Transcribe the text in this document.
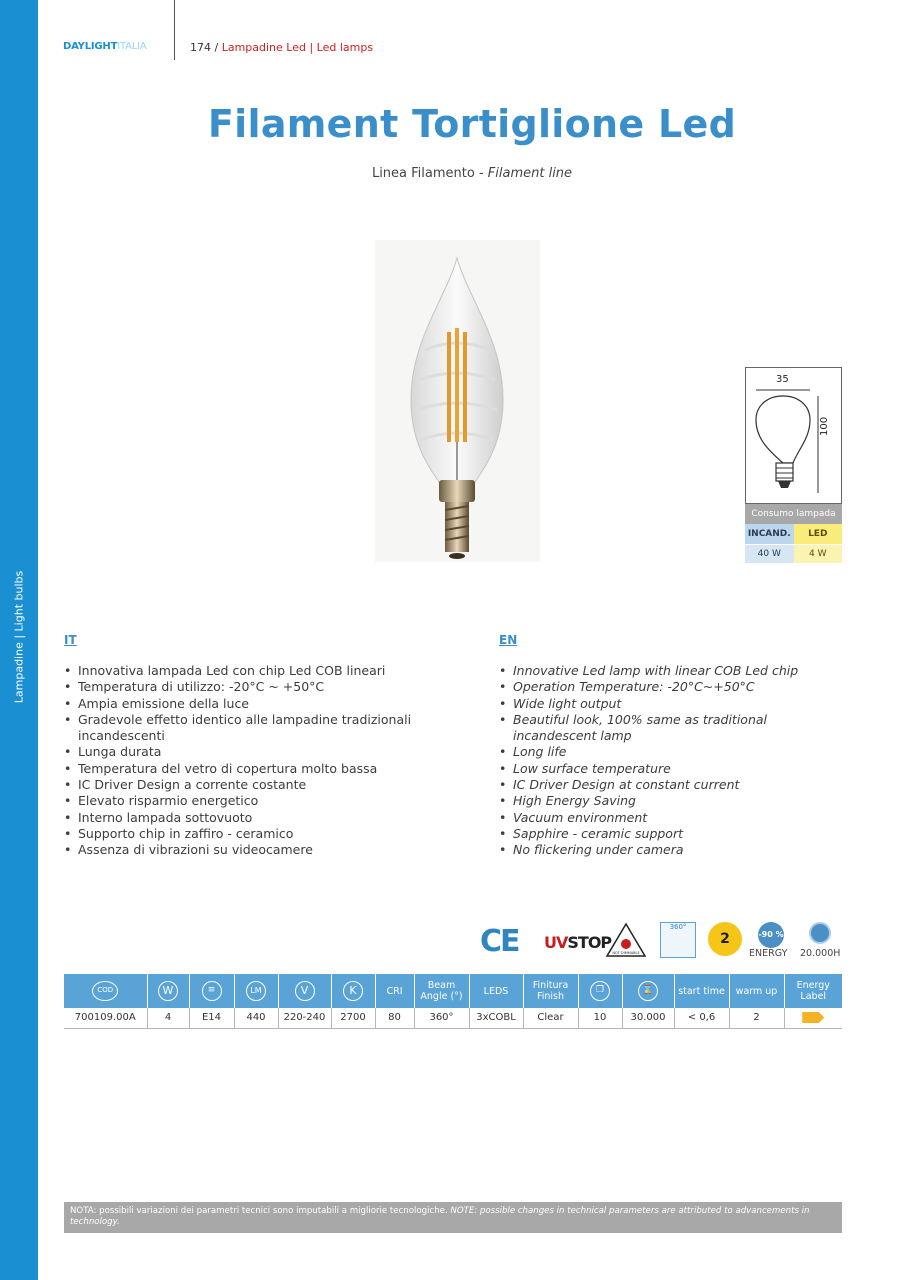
Lampadine | Light bulbs
DAYLIGHTITALIA	174 / Lampadine Led | Led lamps
Filament Tortiglione Led
Linea Filamento - Filament line
35
100
Consumo lampada
INCAND.	LED
40 W	4 W
IT
• Innovativa lampada Led con chip Led COB lineari
• Temperatura di utilizzo: -20°C ~ +50°C
• Ampia emissione della luce
• Gradevole effetto identico alle lampadine tradizionali incandescenti
• Lunga durata
• Temperatura del vetro di copertura molto bassa
• IC Driver Design a corrente costante
• Elevato risparmio energetico
• Interno lampada sottovuoto
• Supporto chip in zaffiro - ceramico
• Assenza di vibrazioni su videocamere
EN
• Innovative Led lamp with linear COB Led chip
• Operation Temperature: -20°C~+50°C
• Wide light output
• Beautiful look, 100% same as traditional incandescent lamp
• Long life
• Low surface temperature
• IC Driver Design at constant current
• High Energy Saving
• Vacuum environment
• Sapphire - ceramic support
• No flickering under camera
CE UVSTOP
NOT DIMMABLE
360°
2	-90 %
ENERGY 20.000H
COD	W	≡	LM	V	K	CRI	Beam Angle (°)	LEDS	Finitura Finish	❐	⌛	start time	warm up	Energy Label
700109.00A	4	E14	440	220-240	2700	80	360°	3xCOBL	Clear	10	30.000	< 0,6	2	
NOTA: possibili variazioni dei parametri tecnici sono imputabili a migliorie tecnologiche. NOTE: possible changes in technical parameters are attributed to advancements in technology.
